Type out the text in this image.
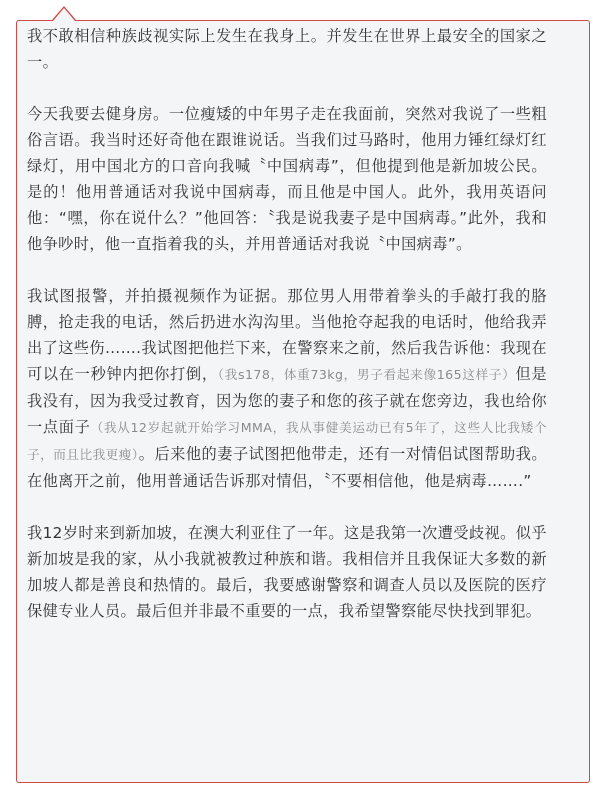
我不敢相信种族歧视实际上发生在我身上。并发生在世界上最安全的国家之一。

今天我要去健身房。一位瘦矮的中年男子走在我面前，突然对我说了一些粗俗言语。我当时还好奇他在跟谁说话。当我们过马路时，他用力锤红绿灯红绿灯，用中国北方的口音向我喊〝中国病毒”，但他提到他是新加坡公民。是的！他用普通话对我说中国病毒，而且他是中国人。此外，我用英语问他：“嘿，你在说什么？”他回答：〝我是说我妻子是中国病毒。”此外，我和他争吵时，他一直指着我的头，并用普通话对我说〝中国病毒”。

我试图报警，并拍摄视频作为证据。那位男人用带着拳头的手敲打我的胳膊，抢走我的电话，然后扔进水沟沟里。当他抢夺起我的电话时，他给我弄出了这些伤…….我试图把他拦下来，在警察来之前，然后我告诉他：我现在可以在一秒钟内把你打倒，（我s178，体重73kg，男子看起来像165这样子）但是我没有，因为我受过教育，因为您的妻子和您的孩子就在您旁边，我也给你一点面子（我从12岁起就开始学习MMA，我从事健美运动已有5年了，这些人比我矮个子，而且比我更瘦）。后来他的妻子试图把他带走，还有一对情侣试图帮助我。在他离开之前，他用普通话告诉那对情侣，〝不要相信他，他是病毒…….”

我12岁时来到新加坡，在澳大利亚住了一年。这是我第一次遭受歧视。似乎新加坡是我的家，从小我就被教过种族和谐。我相信并且我保证大多数的新加坡人都是善良和热情的。最后，我要感谢警察和调查人员以及医院的医疗保健专业人员。最后但并非最不重要的一点，我希望警察能尽快找到罪犯。
